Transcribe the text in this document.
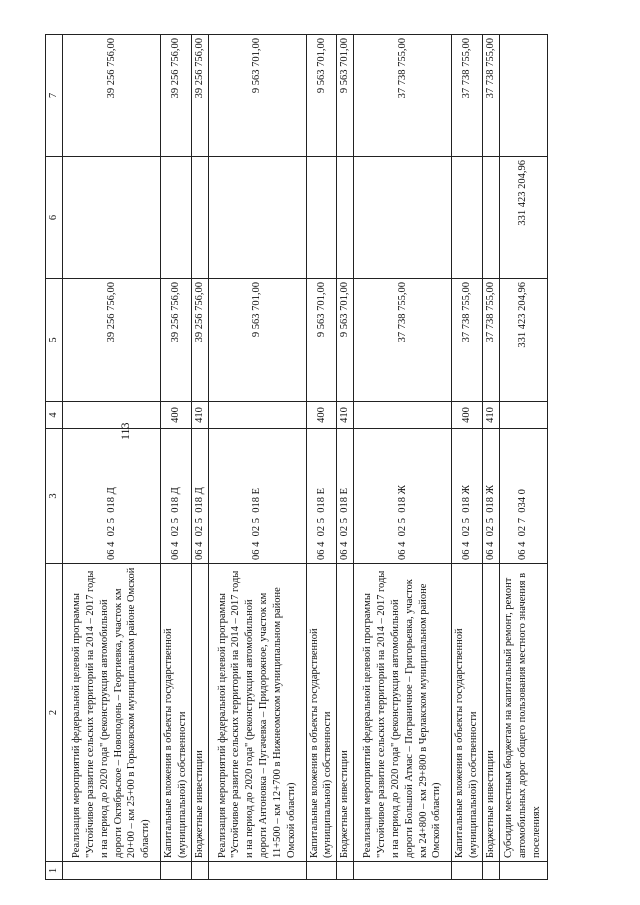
113
1	2	3	4	5	6	7
	Реализация мероприятий федеральной целевой программы "Устойчивое развитие сельских территорий на 2014 – 2017 годы и на период до 2020 года" (реконструкция автомобильной дороги Октябрьское – Новоподонь – Георгиевка, участок км 20+00 – км 25+00 в Горьковском муниципальном районе Омской области)	06 4  02 5  018 Д		39 256 756,00		39 256 756,00
	Капитальные вложения в объекты государственной (муниципальной) собственности	06 4  02 5  018 Д	400	39 256 756,00		39 256 756,00
	Бюджетные инвестиции	06 4  02 5  018 Д	410	39 256 756,00		39 256 756,00
	Реализация мероприятий федеральной целевой программы "Устойчивое развитие сельских территорий на 2014 – 2017 годы и на период до 2020 года" (реконструкция автомобильной дороги Антоновка – Пугачевка – Придорожное, участок км 11+500 – км 12+700 в Нижнеомском муниципальном районе Омской области)	06 4  02 5  018 Е		9 563 701,00		9 563 701,00
	Капитальные вложения в объекты государственной (муниципальной) собственности	06 4  02 5  018 Е	400	9 563 701,00		9 563 701,00
	Бюджетные инвестиции	06 4  02 5  018 Е	410	9 563 701,00		9 563 701,00
	Реализация мероприятий федеральной целевой программы "Устойчивое развитие сельских территорий на 2014 – 2017 годы и на период до 2020 года" (реконструкция автомобильной дороги Большой Атмас – Пограничное – Григорьевка, участок км 24+800 – км 29+800 в Черлакском муниципальном районе Омской области)	06 4  02 5  018 Ж		37 738 755,00		37 738 755,00
	Капитальные вложения в объекты государственной (муниципальной) собственности	06 4  02 5  018 Ж	400	37 738 755,00		37 738 755,00
	Бюджетные инвестиции	06 4  02 5  018 Ж	410	37 738 755,00		37 738 755,00
	Субсидии местным бюджетам на капитальный ремонт, ремонт автомобильных дорог общего пользования местного значения в поселениях	06 4  02 7  034 0		331 423 204,96	331 423 204,96	
